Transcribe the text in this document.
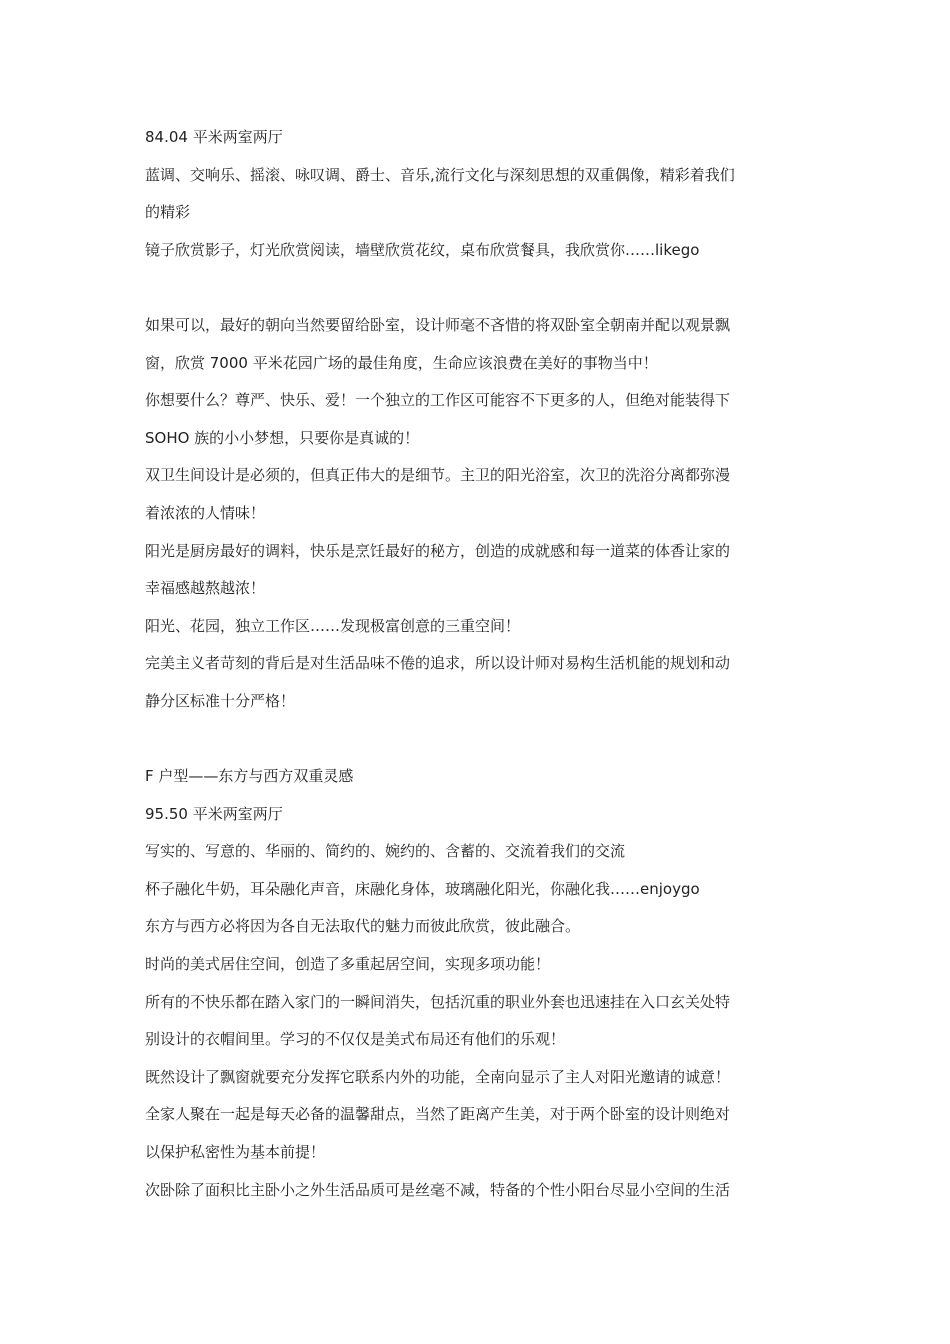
84.04 平米两室两厅
蓝调、交响乐、摇滚、咏叹调、爵士、音乐,流行文化与深刻思想的双重偶像，精彩着我们
的精彩
镜子欣赏影子，灯光欣赏阅读，墙壁欣赏花纹，桌布欣赏餐具，我欣赏你……likego
如果可以，最好的朝向当然要留给卧室，设计师毫不吝惜的将双卧室全朝南并配以观景飘
窗，欣赏 7000 平米花园广场的最佳角度，生命应该浪费在美好的事物当中！
你想要什么？尊严、快乐、爱！一个独立的工作区可能容不下更多的人，但绝对能装得下
SOHO 族的小小梦想，只要你是真诚的！
双卫生间设计是必须的，但真正伟大的是细节。主卫的阳光浴室，次卫的洗浴分离都弥漫
着浓浓的人情味！
阳光是厨房最好的调料，快乐是烹饪最好的秘方，创造的成就感和每一道菜的体香让家的
幸福感越熬越浓！
阳光、花园，独立工作区……发现极富创意的三重空间！
完美主义者苛刻的背后是对生活品味不倦的追求，所以设计师对易构生活机能的规划和动
静分区标准十分严格！
F 户型——东方与西方双重灵感
95.50 平米两室两厅
写实的、写意的、华丽的、简约的、婉约的、含蓄的、交流着我们的交流
杯子融化牛奶，耳朵融化声音，床融化身体，玻璃融化阳光，你融化我……enjoygo
东方与西方必将因为各自无法取代的魅力而彼此欣赏，彼此融合。
时尚的美式居住空间，创造了多重起居空间，实现多项功能！
所有的不快乐都在踏入家门的一瞬间消失，包括沉重的职业外套也迅速挂在入口玄关处特
别设计的衣帽间里。学习的不仅仅是美式布局还有他们的乐观！
既然设计了飘窗就要充分发挥它联系内外的功能，全南向显示了主人对阳光邀请的诚意！
全家人聚在一起是每天必备的温馨甜点，当然了距离产生美，对于两个卧室的设计则绝对
以保护私密性为基本前提！
次卧除了面积比主卧小之外生活品质可是丝毫不减，特备的个性小阳台尽显小空间的生活
